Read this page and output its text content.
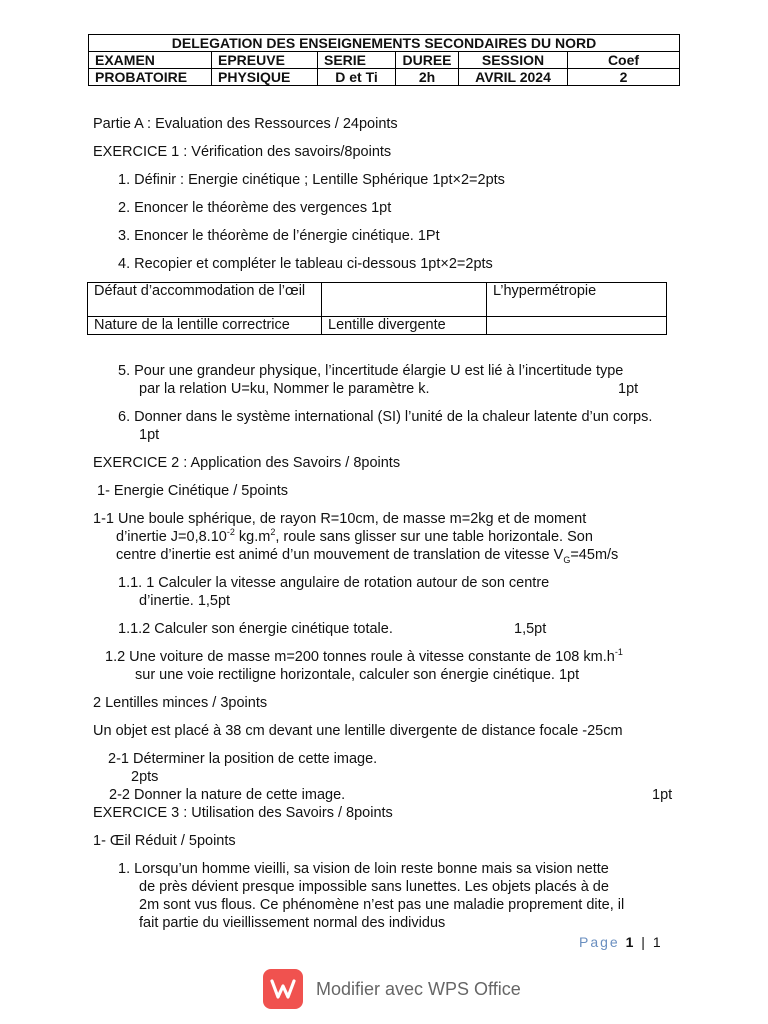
DELEGATION DES ENSEIGNEMENTS SECONDAIRES DU NORD					
EXAMEN	EPREUVE	SERIE	DUREE	SESSION	Coef
PROBATOIRE	PHYSIQUE	D et Ti	2h	AVRIL 2024	2
Partie A : Evaluation des Ressources / 24points
EXERCICE 1 : Vérification des savoirs/8points
1. Définir : Energie cinétique ; Lentille Sphérique 1pt×2=2pts
2. Enoncer le théorème des vergences 1pt
3. Enoncer le théorème de l’énergie cinétique. 1Pt
4. Recopier et compléter le tableau ci-dessous 1pt×2=2pts
Défaut d’accommodation de l’œil		L’hypermétropie
Nature de la lentille correctrice	Lentille divergente	
5. Pour une grandeur physique, l’incertitude élargie U est lié à l’incertitude type
par la relation U=ku, Nommer le paramètre k.	1pt
6. Donner dans le système international (SI) l’unité de la chaleur latente d’un corps.
1pt
EXERCICE 2 : Application des Savoirs / 8points
1- Energie Cinétique / 5points
1-1 Une boule sphérique, de rayon R=10cm, de masse m=2kg et de moment
d’inertie $J=0,8.10^{-2}$ $kg.m^2$, roule sans glisser sur une table horizontale. Son
centre d’inertie est animé d’un mouvement de translation de vitesse $V_G=45m/s$
1.1. 1 Calculer la vitesse angulaire de rotation autour de son centre
d’inertie. 1,5pt
1.1.2 Calculer son énergie cinétique totale.	1,5pt
1.2 Une voiture de masse m=200 tonnes roule à vitesse constante de 108 $km.h^{-1}$
sur une voie rectiligne horizontale, calculer son énergie cinétique. 1pt
2 Lentilles minces / 3points
Un objet est placé à 38 cm devant une lentille divergente de distance focale -25cm
2-1 Déterminer la position de cette image.
2pts
2-2 Donner la nature de cette image.	1pt
EXERCICE 3 : Utilisation des Savoirs / 8points
1- Œil Réduit / 5points
1. Lorsqu’un homme vieilli, sa vision de loin reste bonne mais sa vision nette
de près dévient presque impossible sans lunettes. Les objets placés à de
2m sont vus flous. Ce phénomène n’est pas une maladie proprement dite, il
fait partie du vieillissement normal des individus
Page 1 | 1
Modifier avec WPS Office
